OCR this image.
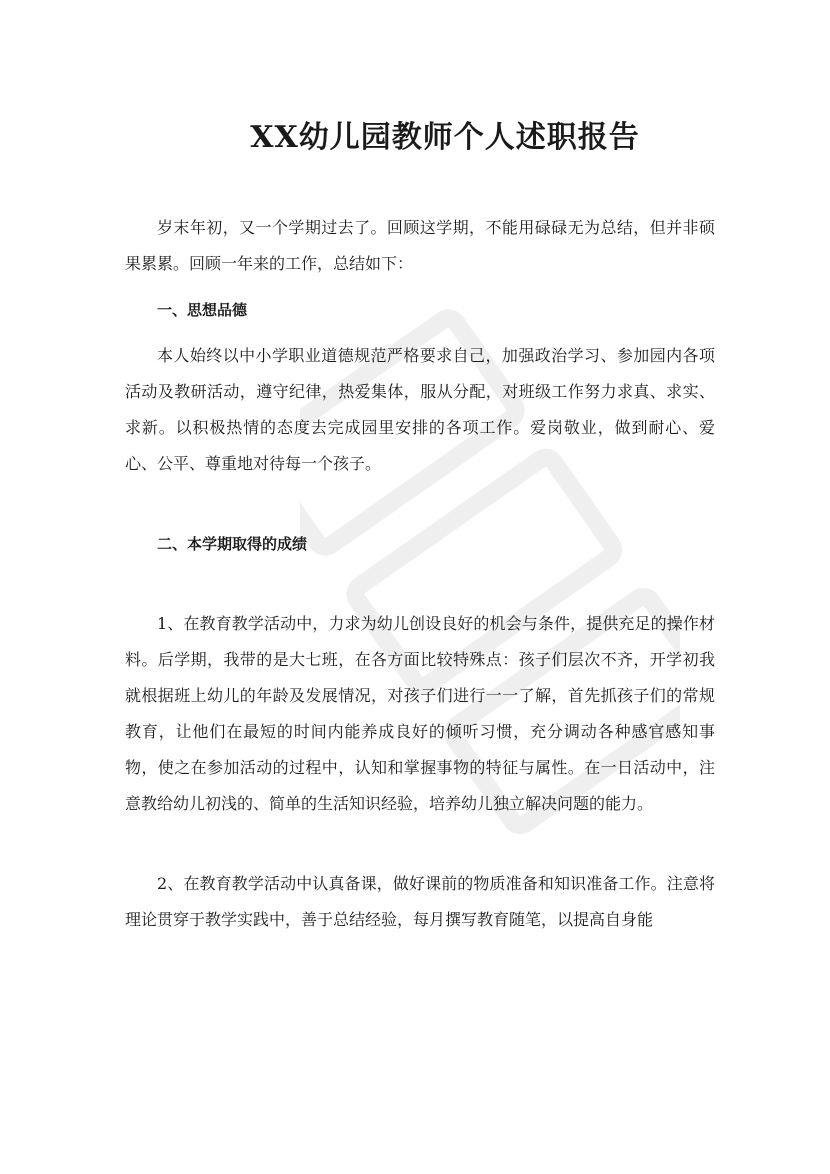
XX幼儿园教师个人述职报告

岁末年初，又一个学期过去了。回顾这学期，不能用碌碌无为总结，但并非硕果累累。回顾一年来的工作，总结如下：

一、思想品德

本人始终以中小学职业道德规范严格要求自己，加强政治学习、参加园内各项活动及教研活动，遵守纪律，热爱集体，服从分配，对班级工作努力求真、求实、求新。以积极热情的态度去完成园里安排的各项工作。爱岗敬业，做到耐心、爱心、公平、尊重地对待每一个孩子。

二、本学期取得的成绩

1、在教育教学活动中，力求为幼儿创设良好的机会与条件，提供充足的操作材料。后学期，我带的是大七班，在各方面比较特殊点：孩子们层次不齐，开学初我就根据班上幼儿的年龄及发展情况，对孩子们进行一一了解，首先抓孩子们的常规教育，让他们在最短的时间内能养成良好的倾听习惯，充分调动各种感官感知事物，使之在参加活动的过程中，认知和掌握事物的特征与属性。在一日活动中，注意教给幼儿初浅的、简单的生活知识经验，培养幼儿独立解决问题的能力。

2、在教育教学活动中认真备课，做好课前的物质准备和知识准备工作。注意将理论贯穿于教学实践中，善于总结经验，每月撰写教育随笔，以提高自身能
